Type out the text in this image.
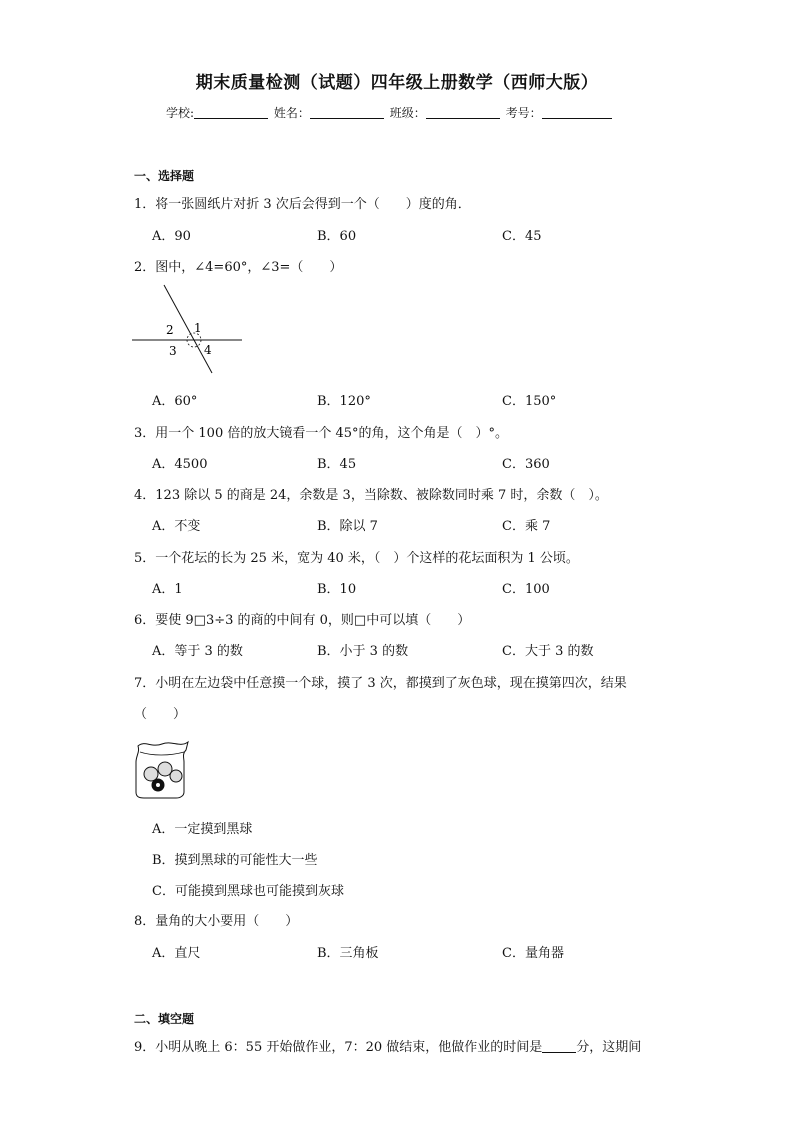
期末质量检测（试题）四年级上册数学（西师大版）
学校:	姓名：	班级：	考号：
一、选择题
1．将一张圆纸片对折 3 次后会得到一个（　　）度的角．
A．90	B．60	C．45
2．图中，∠4=60°，∠3=（　　）
2 1
3 4
A．60°	B．120°	C．150°
3．用一个 100 倍的放大镜看一个 45°的角，这个角是（　）°。
A．4500	B．45	C．360
4．123 除以 5 的商是 24，余数是 3，当除数、被除数同时乘 7 时，余数（　）。
A．不变	B．除以 7	C．乘 7
5．一个花坛的长为 25 米，宽为 40 米，（　）个这样的花坛面积为 1 公顷。
A．1	B．10	C．100
6．要使 9□3÷3 的商的中间有 0，则□中可以填（　　）
A．等于 3 的数	B．小于 3 的数	C．大于 3 的数
7．小明在左边袋中任意摸一个球，摸了 3 次，都摸到了灰色球，现在摸第四次，结果
（　　）
A．一定摸到黑球
B．摸到黑球的可能性大一些
C．可能摸到黑球也可能摸到灰球
8．量角的大小要用（　　）
A．直尺	B．三角板	C．量角器
二、填空题
9．小明从晚上 6：55 开始做作业，7：20 做结束，他做作业的时间是	分，这期间
